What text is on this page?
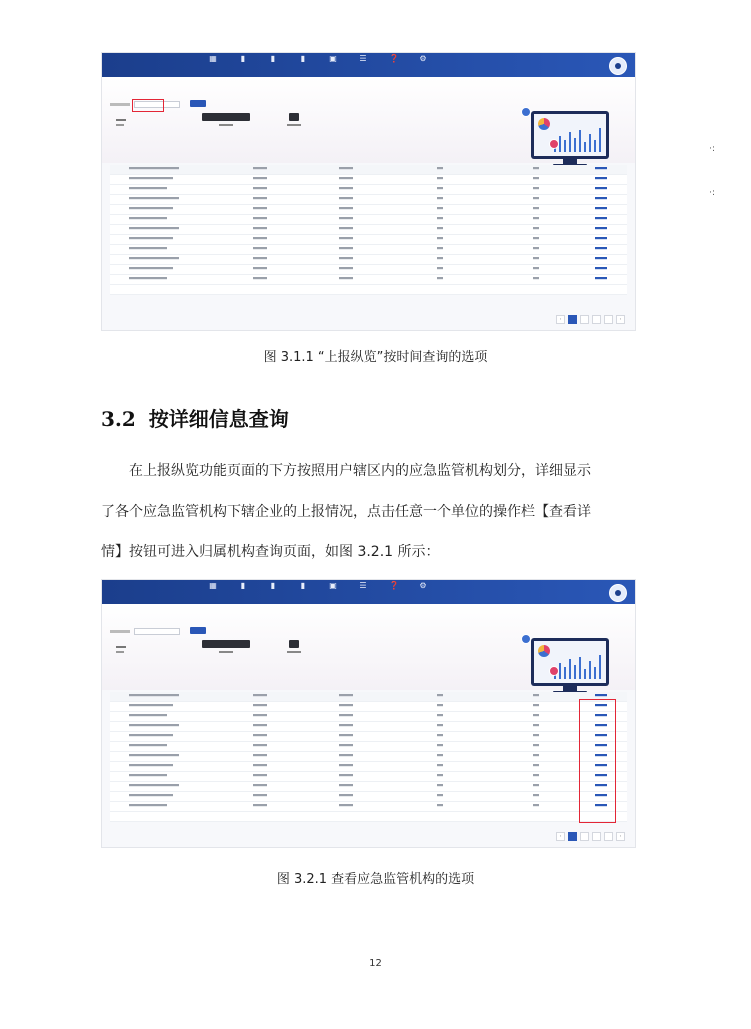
▦	▮	▮	▮	▣	☰	❓	⚙
‹	›
图 3.1.1 “上报纵览”按时间查询的选项
3.2 按详细信息查询
在上报纵览功能页面的下方按照用户辖区内的应急监管机构划分，详细显示
了各个应急监管机构下辖企业的上报情况，点击任意一个单位的操作栏【查看详
情】按钮可进入归属机构查询页面，如图 3.2.1 所示：
▦	▮	▮	▮	▣	☰	❓	⚙
‹	›
图 3.2.1 查看应急监管机构的选项
12
·:
·:
